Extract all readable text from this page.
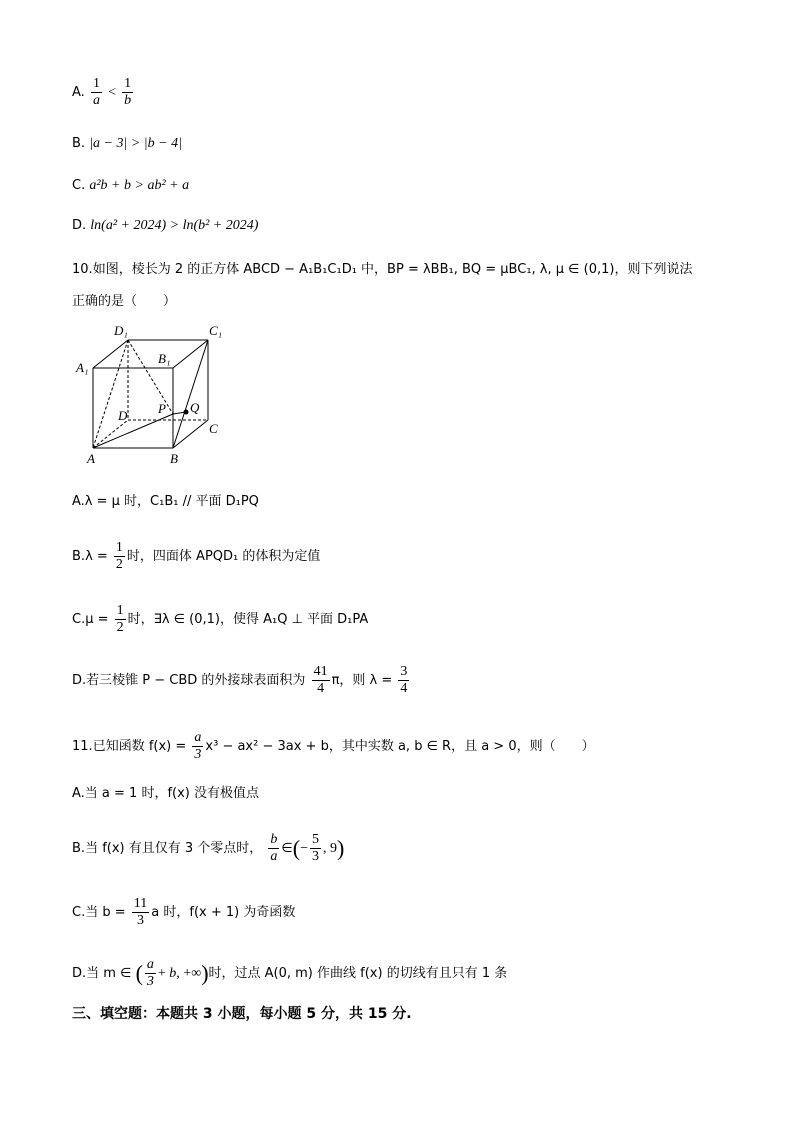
A. $\frac{1}{a} < \frac{1}{b}$
B. |a − 3| > |b − 4|
C. a²b + b > ab² + a
D. ln(a² + 2024) > ln(b² + 2024)
10.如图，棱长为 2 的正方体 ABCD − A₁B₁C₁D₁ 中，BP = λBB₁, BQ = μBC₁, λ, μ ∈ (0,1)，则下列说法
正确的是（　　）
D₁	C₁
A₁
B₁
D P Q
C
A	B
A.λ = μ 时，C₁B₁ // 平面 D₁PQ
$B.\lambda = \frac{1}{2}$ 时，四面体 APQD₁ 的体积为定值
$C.\mu = \frac{1}{2}$ 时，∃λ ∈ (0,1)，使得 A₁Q ⊥ 平面 D₁PA
D.若三棱锥 P − CBD 的外接球表面积为 $\frac{41}{4}$ π，则 $\lambda = \frac{3}{4}$
11.已知函数 $f(x) = \frac{a}{3} x^3 - ax^2 - 3ax + b$，其中实数 a, b ∈ R，且 a > 0，则（　　）
A.当 a = 1 时，f(x) 没有极值点
B.当 f(x) 有且仅有 3 个零点时， $\frac{b}{a}$ ∈(− $\frac{5}{3}$ , 9)
C.当 $b = \frac{11}{3}$ a 时，f(x + 1) 为奇函数
D.当 m ∈ ( $\frac{a}{3} + b$, +∞)时，过点 A(0, m) 作曲线 f(x) 的切线有且只有 1 条
三、填空题：本题共 3 小题，每小题 5 分，共 15 分.
